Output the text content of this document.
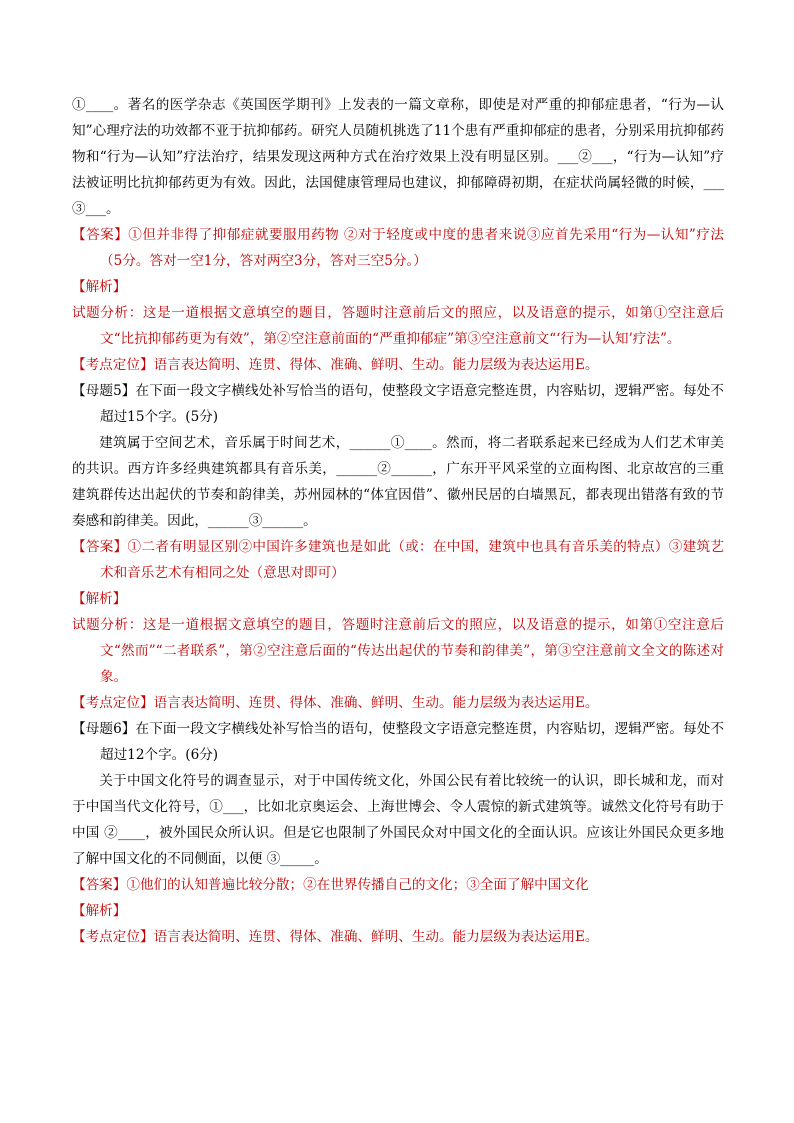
①____。著名的医学杂志《英国医学期刊》上发表的一篇文章称，即使是对严重的抑郁症患者，“行为—认知”心理疗法的功效都不亚于抗抑郁药。研究人员随机挑选了11个患有严重抑郁症的患者，分别采用抗抑郁药物和“行为—认知”疗法治疗，结果发现这两种方式在治疗效果上没有明显区别。___②___，“行为—认知”疗法被证明比抗抑郁药更为有效。因此，法国健康管理局也建议，抑郁障碍初期，在症状尚属轻微的时候，___③___。

【答案】①但并非得了抑郁症就要服用药物 ②对于轻度或中度的患者来说③应首先采用“行为—认知”疗法（5分。答对一空1分，答对两空3分，答对三空5分。）

【解析】

试题分析：这是一道根据文意填空的题目，答题时注意前后文的照应，以及语意的提示，如第①空注意后文“比抗抑郁药更为有效”，第②空注意前面的“严重抑郁症”第③空注意前文“‘行为—认知’疗法”。

【考点定位】语言表达简明、连贯、得体、准确、鲜明、生动。能力层级为表达运用E。

【母题5】在下面一段文字横线处补写恰当的语句，使整段文字语意完整连贯，内容贴切，逻辑严密。每处不超过15个字。(5分)

建筑属于空间艺术，音乐属于时间艺术，______①____。然而，将二者联系起来已经成为人们艺术审美的共识。西方许多经典建筑都具有音乐美，______②______，广东开平风采堂的立面构图、北京故宫的三重建筑群传达出起伏的节奏和韵律美，苏州园林的“体宜因借”、徽州民居的白墙黑瓦，都表现出错落有致的节奏感和韵律美。因此，______③______。

【答案】①二者有明显区别②中国许多建筑也是如此（或：在中国，建筑中也具有音乐美的特点）③建筑艺术和音乐艺术有相同之处（意思对即可）

【解析】

试题分析：这是一道根据文意填空的题目，答题时注意前后文的照应，以及语意的提示，如第①空注意后文“然而”“二者联系”，第②空注意后面的“传达出起伏的节奏和韵律美”，第③空注意前文全文的陈述对象。

【考点定位】语言表达简明、连贯、得体、准确、鲜明、生动。能力层级为表达运用E。

【母题6】在下面一段文字横线处补写恰当的语句，使整段文字语意完整连贯，内容贴切，逻辑严密。每处不超过12个字。(6分)

关于中国文化符号的调查显示，对于中国传统文化，外国公民有着比较统一的认识，即长城和龙，而对于中国当代文化符号，①___，比如北京奥运会、上海世博会、令人震惊的新式建筑等。诚然文化符号有助于中国 ②____，被外国民众所认识。但是它也限制了外国民众对中国文化的全面认识。应该让外国民众更多地了解中国文化的不同侧面，以便 ③_____。

【答案】①他们的认知普遍比较分散；②在世界传播自己的文化；③全面了解中国文化

【解析】

【考点定位】语言表达简明、连贯、得体、准确、鲜明、生动。能力层级为表达运用E。
